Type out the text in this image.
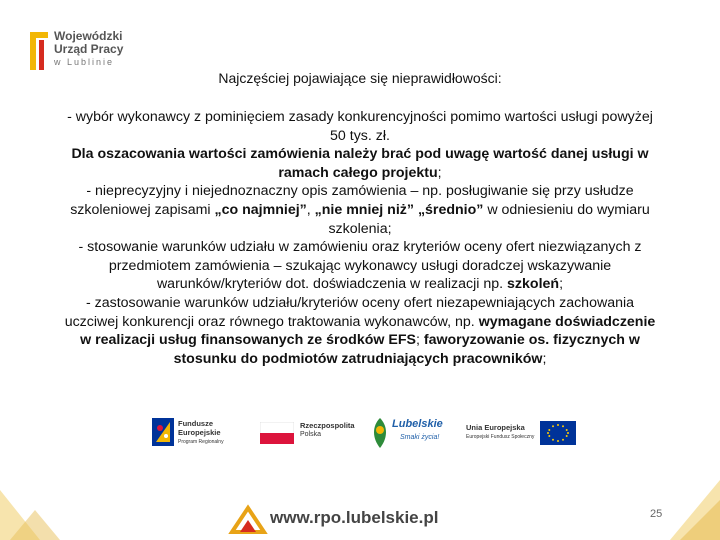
Wojewódzki
Urząd Pracy
w Lublinie
Najczęściej pojawiające się nieprawidłowości:

- wybór wykonawcy z pominięciem zasady konkurencyjności pomimo wartości usługi powyżej 50 tys. zł.

Dla oszacowania wartości zamówienia należy brać pod uwagę wartość danej usługi w ramach całego projektu;

- nieprecyzyjny i niejednoznaczny opis zamówienia – np. posługiwanie się przy usłudze szkoleniowej zapisami „co najmniej”, „nie mniej niż” „średnio” w odniesieniu do wymiaru szkolenia;

- stosowanie warunków udziału w zamówieniu oraz kryteriów oceny ofert niezwiązanych z przedmiotem zamówienia – szukając wykonawcy usługi doradczej wskazywanie warunków/kryteriów dot. doświadczenia w realizacji np. szkoleń;

- zastosowanie warunków udziału/kryteriów oceny ofert niezapewniających zachowania uczciwej konkurencji oraz równego traktowania wykonawców, np. wymagane doświadczenie w realizacji usług finansowanych ze środków EFS; faworyzowanie os. fizycznych w stosunku do podmiotów zatrudniających pracowników;

Fundusze
Europejskie
Program Regionalny
Rzeczpospolita
Polska
Lubelskie
Smaki życia!
Unia Europejska
Europejski Fundusz Społeczny
www.rpo.lubelskie.pl	25
